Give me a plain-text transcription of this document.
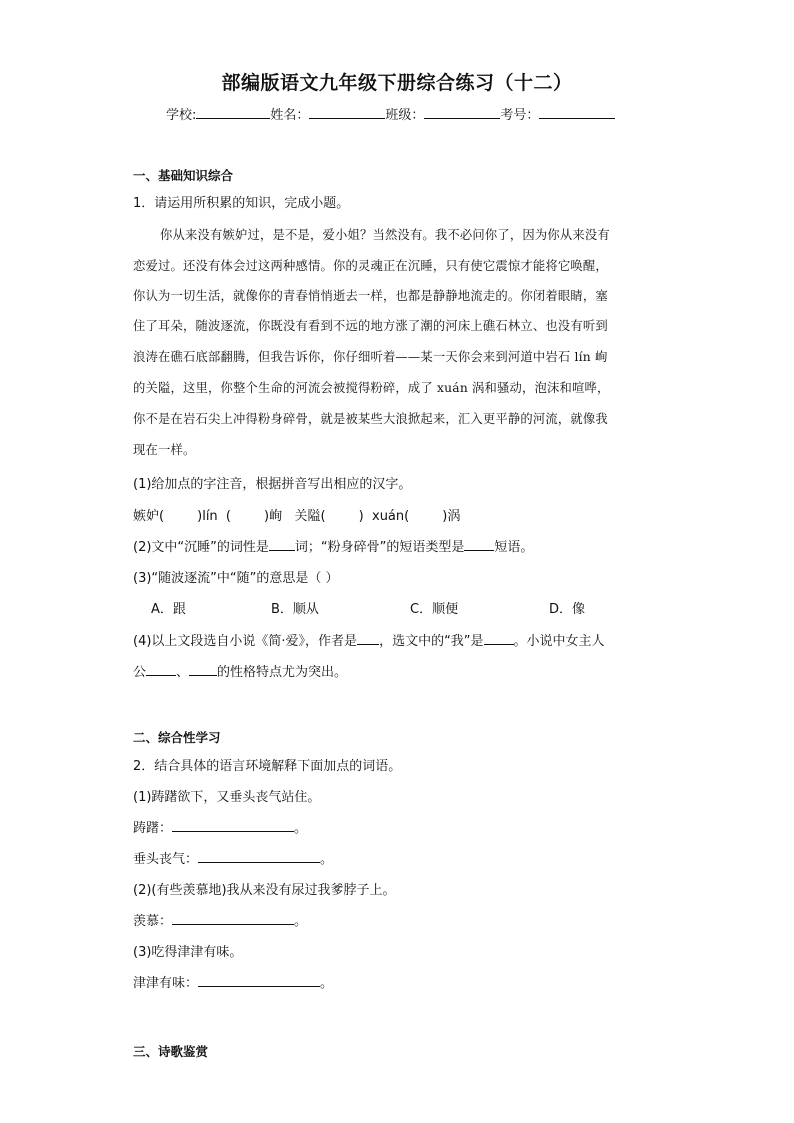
部编版语文九年级下册综合练习（十二）
学校:	姓名：	班级：	考号：
一、基础知识综合
1．请运用所积累的知识，完成小题。
你从来没有嫉妒过，是不是，爱小姐？当然没有。我不必问你了，因为你从来没有
恋爱过。还没有体会过这两种感情。你的灵魂正在沉睡，只有使它震惊才能将它唤醒，
你认为一切生活，就像你的青春悄悄逝去一样，也都是静静地流走的。你闭着眼睛，塞
住了耳朵，随波逐流，你既没有看到不远的地方涨了潮的河床上礁石林立、也没有听到
浪涛在礁石底部翻腾，但我告诉你，你仔细听着——某一天你会来到河道中岩石 lín 峋
的关隘，这里，你整个生命的河流会被搅得粉碎，成了 xuán 涡和骚动，泡沫和喧哗，
你不是在岩石尖上冲得粉身碎骨，就是被某些大浪掀起来，汇入更平静的河流，就像我
现在一样。
(1)给加点的字注音，根据拼音写出相应的汉字。
嫉妒(        )lín  (        )峋   关隘(        )  xuán(        )涡
(2)文中“沉睡”的词性是 词；“粉身碎骨”的短语类型是 短语。
(3)“随波逐流”中“随”的意思是（ ）
A．跟	B．顺从	C．顺便	D．像
(4)以上文段选自小说《简·爱》，作者是 ，选文中的“我”是 。小说中女主人
公 、 的性格特点尤为突出。
二、综合性学习
2．结合具体的语言环境解释下面加点的词语。
(1)踌躇欲下，又垂头丧气站住。
踌躇：	。
垂头丧气：	。
(2)(有些羡慕地)我从来没有尿过我爹脖子上。
羡慕：	。
(3)吃得津津有味。
津津有味：	。
三、诗歌鉴赏
